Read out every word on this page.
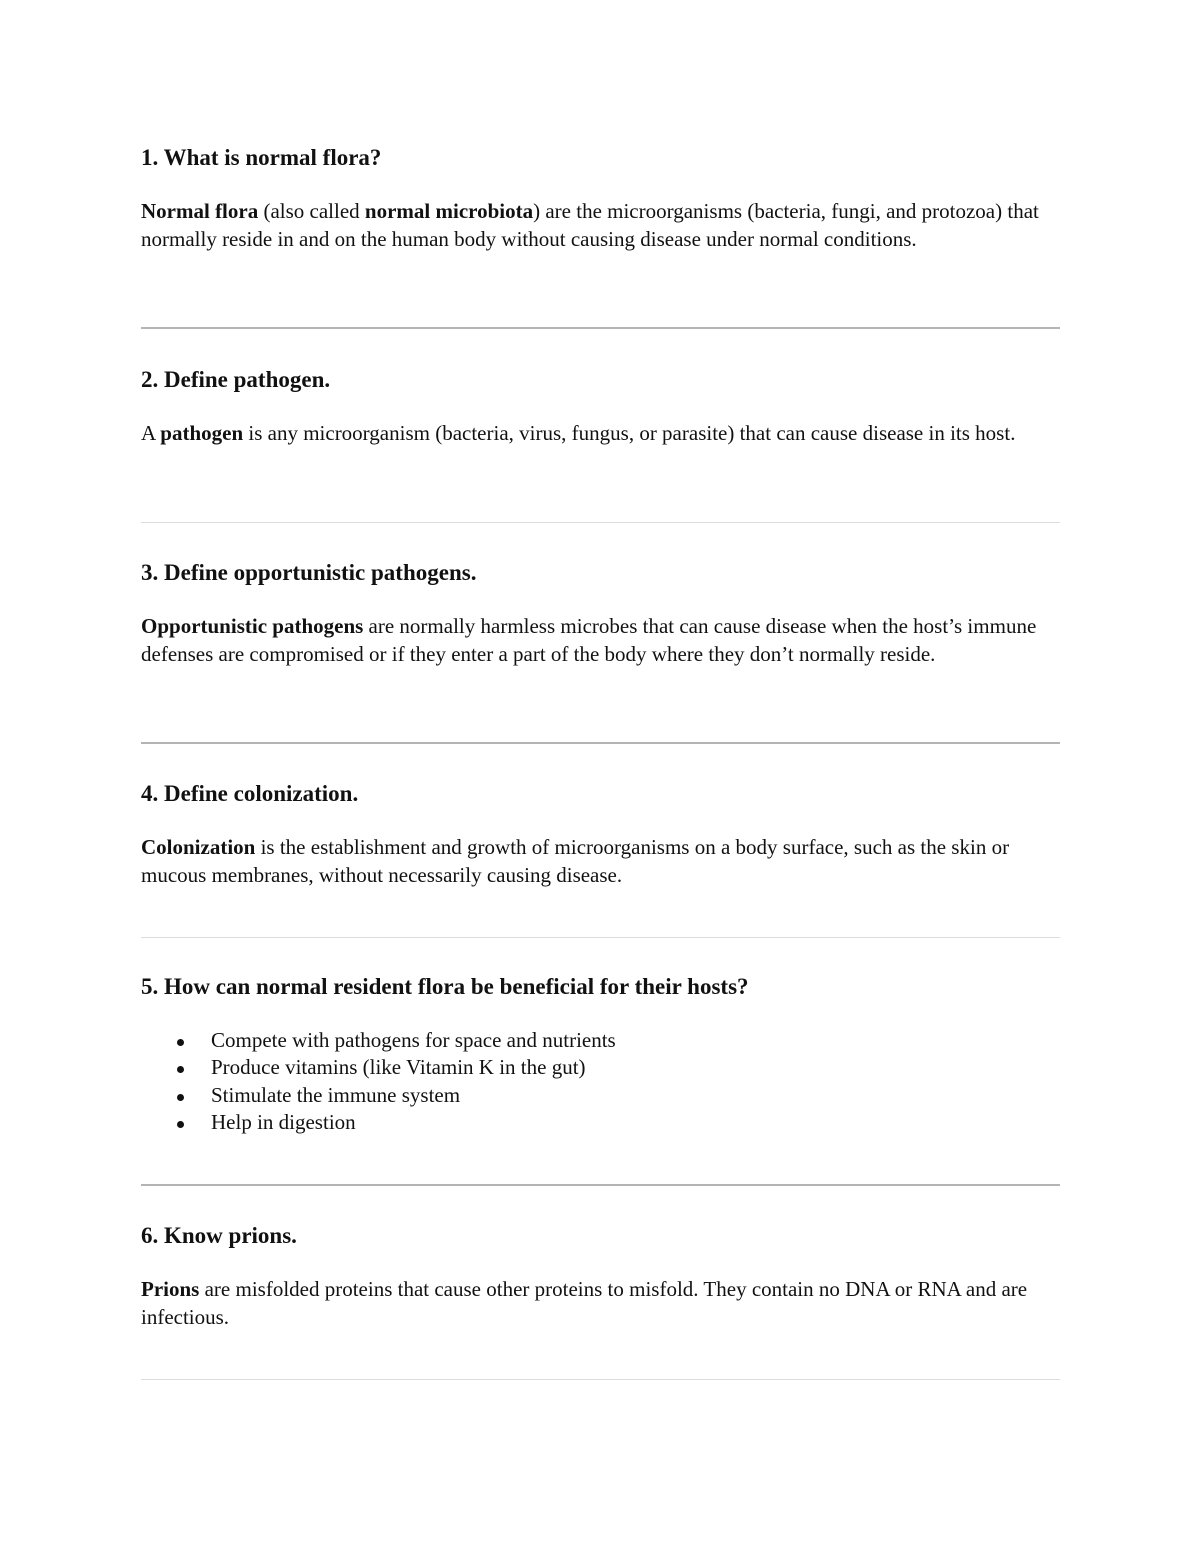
1. What is normal flora?

Normal flora (also called normal microbiota) are the microorganisms (bacteria, fungi, and protozoa) that normally reside in and on the human body without causing disease under normal conditions.

2. Define pathogen.

A pathogen is any microorganism (bacteria, virus, fungus, or parasite) that can cause disease in its host.

3. Define opportunistic pathogens.

Opportunistic pathogens are normally harmless microbes that can cause disease when the host’s immune defenses are compromised or if they enter a part of the body where they don’t normally reside.

4. Define colonization.

Colonization is the establishment and growth of microorganisms on a body surface, such as the skin or mucous membranes, without necessarily causing disease.

5. How can normal resident flora be beneficial for their hosts?
Compete with pathogens for space and nutrients
Produce vitamins (like Vitamin K in the gut)
Stimulate the immune system
Help in digestion
6. Know prions.

Prions are misfolded proteins that cause other proteins to misfold. They contain no DNA or RNA and are infectious.
